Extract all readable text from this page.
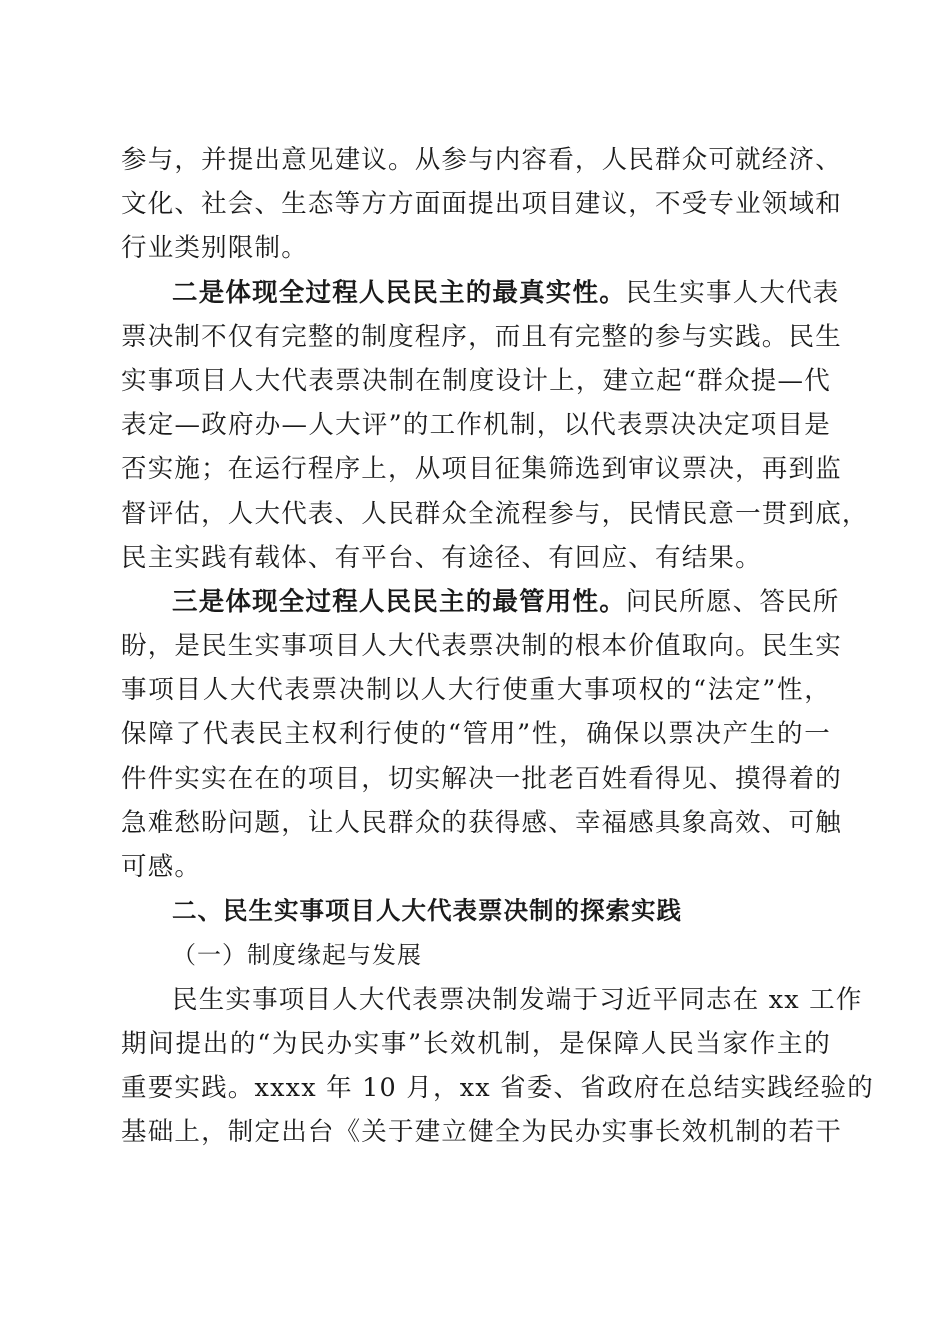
参与，并提出意见建议。从参与内容看，人民群众可就经济、
文化、社会、生态等方方面面提出项目建议，不受专业领域和
行业类别限制。
二是体现全过程人民民主的最真实性。民生实事人大代表
票决制不仅有完整的制度程序，而且有完整的参与实践。民生
实事项目人大代表票决制在制度设计上，建立起“群众提—代
表定—政府办—人大评”的工作机制，以代表票决决定项目是
否实施；在运行程序上，从项目征集筛选到审议票决，再到监
督评估，人大代表、人民群众全流程参与，民情民意一贯到底，
民主实践有载体、有平台、有途径、有回应、有结果。
三是体现全过程人民民主的最管用性。问民所愿、答民所
盼，是民生实事项目人大代表票决制的根本价值取向。民生实
事项目人大代表票决制以人大行使重大事项权的“法定”性，
保障了代表民主权利行使的“管用”性，确保以票决产生的一
件件实实在在的项目，切实解决一批老百姓看得见、摸得着的
急难愁盼问题，让人民群众的获得感、幸福感具象高效、可触
可感。
二、民生实事项目人大代表票决制的探索实践
（一）制度缘起与发展
民生实事项目人大代表票决制发端于习近平同志在 xx 工作
期间提出的“为民办实事”长效机制，是保障人民当家作主的
重要实践。xxxx 年 10 月，xx 省委、省政府在总结实践经验的
基础上，制定出台《关于建立健全为民办实事长效机制的若干
